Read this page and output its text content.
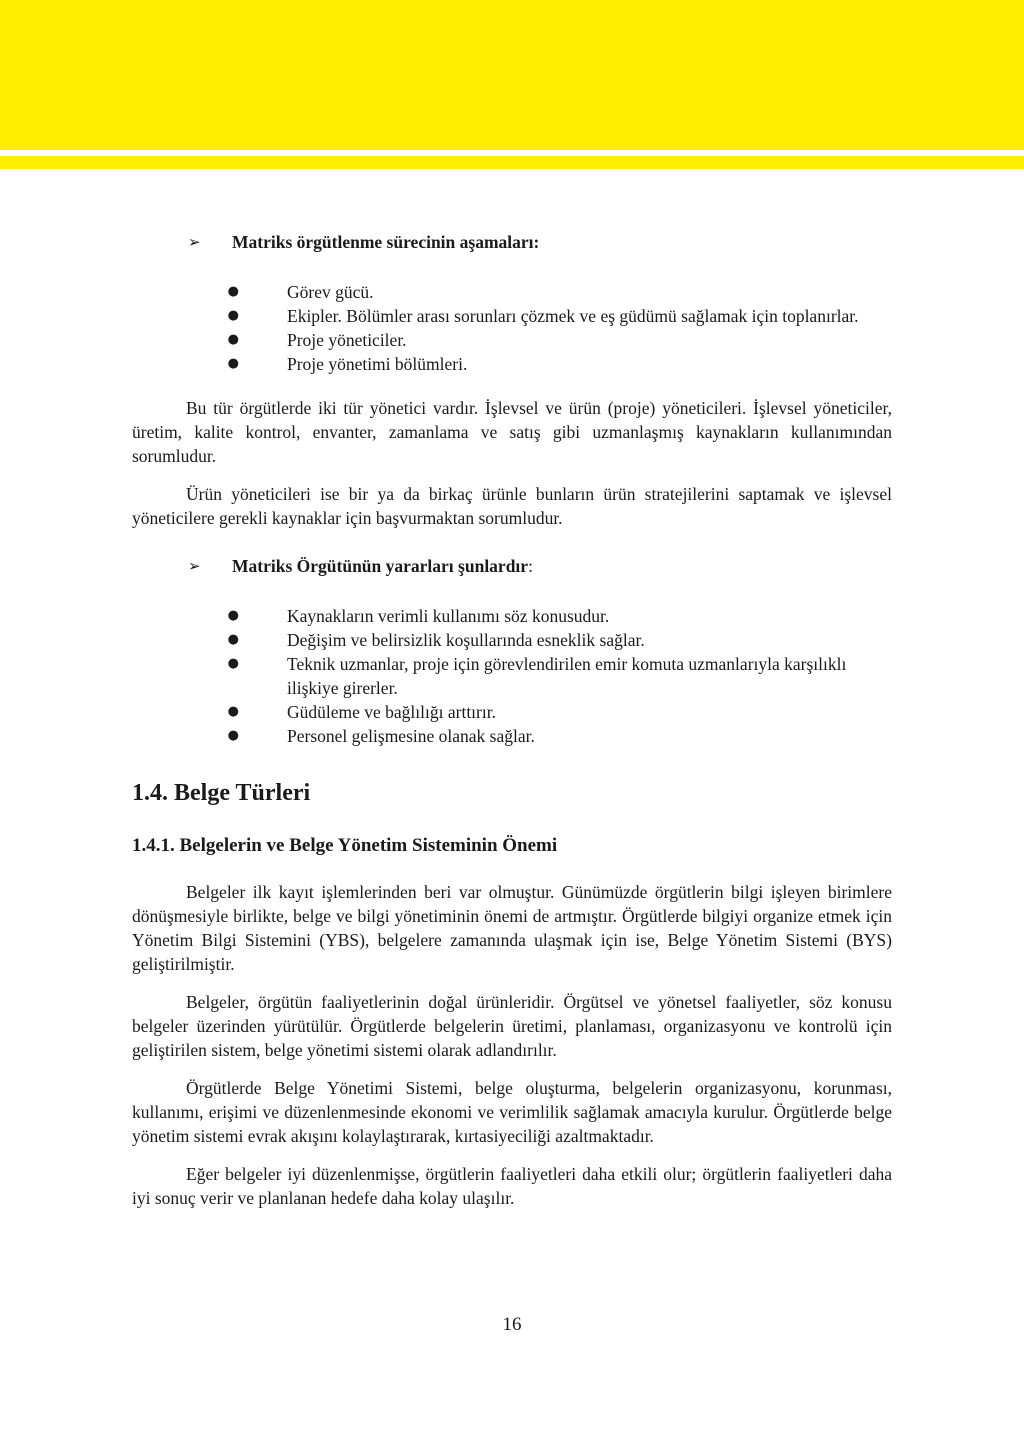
➢	Matriks örgütlenme sürecinin aşamaları:
●	Görev gücü.
●	Ekipler. Bölümler arası sorunları çözmek ve eş güdümü sağlamak için toplanırlar.
●	Proje yöneticiler.
●	Proje yönetimi bölümleri.

Bu tür örgütlerde iki tür yönetici vardır. İşlevsel ve ürün (proje) yöneticileri. İşlevsel yöneticiler, üretim, kalite kontrol, envanter, zamanlama ve satış gibi uzmanlaşmış kaynakların kullanımından sorumludur.

Ürün yöneticileri ise bir ya da birkaç ürünle bunların ürün stratejilerini saptamak ve işlevsel yöneticilere gerekli kaynaklar için başvurmaktan sorumludur.

➢	Matriks Örgütünün yararları şunlardır:
●	Kaynakların verimli kullanımı söz konusudur.
●	Değişim ve belirsizlik koşullarında esneklik sağlar.
●	Teknik uzmanlar, proje için görevlendirilen emir komuta uzmanlarıyla karşılıklı ilişkiye girerler.
●	Güdüleme ve bağlılığı arttırır.
●	Personel gelişmesine olanak sağlar.
1.4. Belge Türleri
1.4.1. Belgelerin ve Belge Yönetim Sisteminin Önemi

Belgeler ilk kayıt işlemlerinden beri var olmuştur. Günümüzde örgütlerin bilgi işleyen birimlere dönüşmesiyle birlikte, belge ve bilgi yönetiminin önemi de artmıştır. Örgütlerde bilgiyi organize etmek için Yönetim Bilgi Sistemini (YBS), belgelere zamanında ulaşmak için ise, Belge Yönetim Sistemi (BYS) geliştirilmiştir.

Belgeler, örgütün faaliyetlerinin doğal ürünleridir. Örgütsel ve yönetsel faaliyetler, söz konusu belgeler üzerinden yürütülür. Örgütlerde belgelerin üretimi, planlaması, organizasyonu ve kontrolü için geliştirilen sistem, belge yönetimi sistemi olarak adlandırılır.

Örgütlerde Belge Yönetimi Sistemi, belge oluşturma, belgelerin organizasyonu, korunması, kullanımı, erişimi ve düzenlenmesinde ekonomi ve verimlilik sağlamak amacıyla kurulur. Örgütlerde belge yönetim sistemi evrak akışını kolaylaştırarak, kırtasiyeciliği azaltmaktadır.

Eğer belgeler iyi düzenlenmişse, örgütlerin faaliyetleri daha etkili olur; örgütlerin faaliyetleri daha iyi sonuç verir ve planlanan hedefe daha kolay ulaşılır.

16
